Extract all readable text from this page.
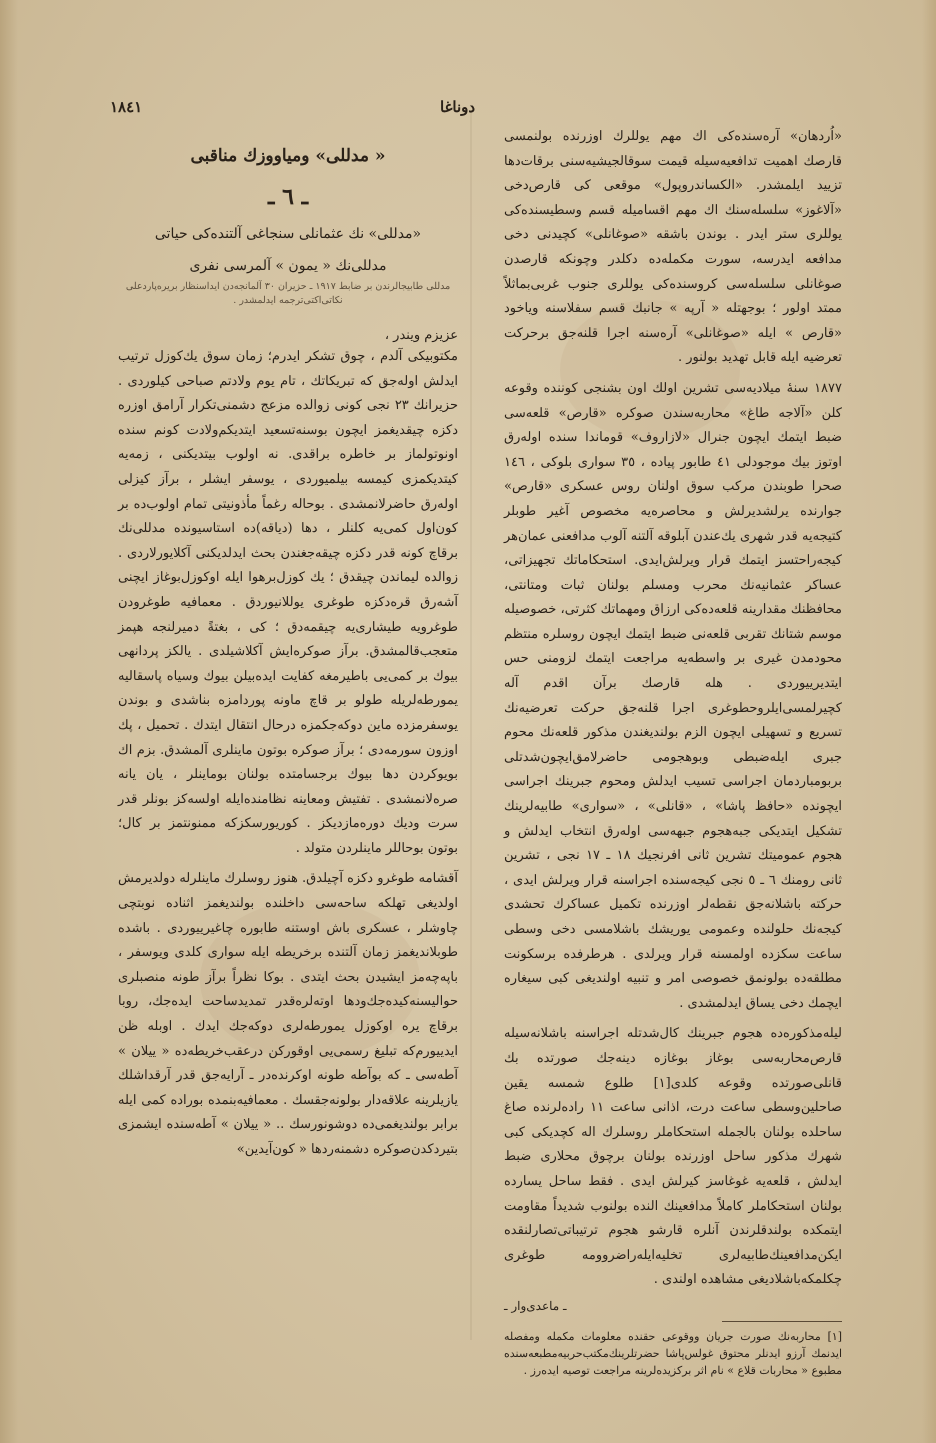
١٨٤١	دوناغا

«اُردهان» آرەسندەکی اك مهم يوللرك اوزرندە بولنمسی قارصك اهميت تدافعيەسيله قيمت سوقالجيشيەسنی برقات‌دها تزييد ايلمشدر. «الكساندروپول» موقعی کی قارص‌دخی «آلاغوز» سلسلەسنك اك مهم اقسامیله قسم وسطيسندەکی يوللری ستر ايدر . بوندن باشقە «صوغانلی» کچيدنی دخی مدافعه ايدرسه، سورت مكملەدە دكلدر وچونكه قارصدن صوغانلی سلسلەسی كروسندەکی يوللری جنوب غربی‌بماثلاً ممتد اولور ؛ بوجهتله « آرپه » جانبك قسم سفلاسنه وياخود «قارص » ايله «صوغانلی» آرەسنه اجرا قلنەجق برحركت تعرضيه ايله قابل تهديد بولنور .

١٨٧٧ سنهٔ ميلاديەسی تشرين اولك اون بشنجی كوننده وقوعه كلن «آلاجه طاغ» محاربەسندن صوكره «قارص» قلعەسی ضبط ايتمك ايچون جنرال «لازاروف» قوماندا سنده اولەرق اوتوز بيك موجودلی ٤١ طابور پياده ، ٣٥ سواری بلوكی ، ١٤٦ صحرا طوبندن مركب سوق اولنان روس عسكری «قارص» جوارنده يرلشديرلش و محاصرەيه مخصوص آغير طوبلر كتيجەيه قدر شهری يك‌عندن آبلوقه آلتنه آلوب مدافعنی عمان‌هر كيجه‌راحتسز ايتمك قرار ويرلش‌ايدی. استحكاماتك تجهيزاتی، عساكر عثمانيەنك محرب ومسلم بولنان ثبات ومتانتی، محافظنك مقدارينه قلعەدەكی ارزاق ومهماتك كثرتی، خصوصيله موسم شتانك تقربی قلعەنی ضبط ايتمك ايچون روسلره منتظم محودمدن غيری بر واسطەيه مراجعت ايتمك لزومنی حس ايتديرييوردی . هله قارصك برآن اقدم آله كچيرلمسی‌ايلرو‌حطوغری اجرا قلنه‌جق حركت تعرضيەنك تسريع و تسهيلی ايچون الزم بولنديغندن مذكور قلعەنك محوم جبری ايله‌ضبطی وبو‌هجومی حاضرلامق‌ايچون‌شدتلی بربومباردمان اجراسی تسيب ايدلش ومحوم جبرينك اجراسی ايچونده «حافظ پاشا» ، «قانلی» ، «سواری» طابيەلرينك تشكيل ايتديكی جبه‌هجوم جبهەسی اولەرق انتخاب ايدلش و هجوم عموميتك تشرين ثانی افرنجيك ١٨ ـ ١٧ نجی ، تشرين ثانی رومنك ٦ ـ ٥ نجی كيجەسنده اجراسنه قرار ويرلش ايدی ، حركته باشلانه‌جق نقطه‌لر اوزرنده تكميل عساكرك تحشدی كيجه‌نك حلولنده وعمومی يوريشك باشلامسی دخی وسطی ساعت سكزده اولمسنه قرار ويرلدی . هرطرفده برسكونت مطلقەده بولونمق خصوصی امر و تنبيه اولنديغی كبی سيغاره ايچمك دخی يساق ايدلمشدی .

ليله‌مذكورەده هجوم جبرينك كال‌شدتله اجراسنه باشلانەسيله قارص‌محاربەسی بوغاز بوغازه دينەجك صورتده بك قانلی‌صورتده وقوعه كلدی[١] طلوع شمسه يقين صاحلين‌وسطی ساعت درت، اذانی ساعت ١١ راده‌لرنده صاغ ساحلده بولنان بالجمله استحكاملر روسلرك اله كچديكی كبی شهرك مذكور ساحل اوزرنده بولنان برچوق محلاری ضبط ايدلش ، قلعه‌يه غوغاسز كيرلش ايدی . فقط ساحل يسارده بولنان استحكاملر كاملاً مدافعينك الندە بولنوب شديداً مقاومت ايتمكده بولندقلرندن آنلره قارشو هجوم ترتيباتی‌تصارلنقده ايكن‌مدافعينك‌طابيەلری تخليه‌ايله‌راضروومه طوغری چكلمكه‌باشلاديغی مشاهده اولندی .

ـ ماعدی‌وار ـ

[١] محاربەنك صورت جريان ووقوعی حقنده معلومات مكمله ومفصله ايدنمك آرزو ايدنلر محتوق غولس‌پاشا حضرتلرينك‌مكتب‌حربيەمطبعەسنده مطبوع « محاربات قلاع » نام اثر بركزيدەلرينه مراجعت توصيه ايدەرز .

« مدللی» ومياووزك مناقبی

ـ ٦ ـ

«مدللی» نك عثمانلی سنجاغی آلتندەكی حياتی

مدللی‌نك « يمون » آلمرسی‌ نفری

مدللی طابيجالرندن بر ضابط ١٩١٧ ـ حزيران ٣٠ آلمانجەدن ايداسنظار بريرە‌پاردعلی نكاتی‌اكتی‌ترجمە ايدلمشدر .

عزيزم ويندر ،

مكتوبيكی آلدم ، چوق تشكر ايدرم؛ زمان سوق يك‌كوزل ترتيب ايدلش اولەجق كه تبريكاتك ، تام يوم ولادتم صباحی كيلوردی . حزيرانك ٢٣ نجی كونی زوالده مزعج دشمنی‌تكرار آرامق اوزره دكزه چيقديغمز ايچون بوسنه‌تسعيد ايتديكم‌ولادت كونم سنده اونوتولماز بر خاطره براقدی. نه اولوب بيتديكنی ، زمەيه كيتديكمزی كيمسه بيلميوردی ، يوسفر ايشلر ، برآز كيزلی اولەرق حاضرلانمشدی . بوحاله رغماً مأذونيتی تمام اولوب‌ده بر كون‌اول كمی‌يه كلنلر ، دها (دياقه)ده استاسيونده مدللی‌نك برقاچ كونه قدر دكزه چيقەجغندن بحث ايدلديكنی آكلايورلاردی . زوالده ليماندن چيقدق ؛ يك كوزل‌برهوا ايله اوكوزل‌بوغاز ايچنی آشەرق قرەدكزه طوغری يوللانيوردق . معمافيه طوغرودن طوغرو‌يه طيشارى‌يه چيقمه‌دق ؛ كی ، بغتةً دميرلنجه هپمز متعجب‌قالمشدق. برآز صوكرەايش آكلاشيلدی . يالكز پردانهی بيوك بر كمی‌يی باطيرمغه كفايت ايدەبيلن بيوك وسياه پاسقاليه يمورطەلريله طولو بر قاچ ماونه پوردامزه بناشدی و بوندن يوسفرمزده ماين دوكەجكمزه درحال انتقال ايتدك . تحميل ، پك اوزون سورمەدی ؛ برآز صوكره بوتون ماينلری آلمشدق. بزم اك بويوكردن دها بيوك برجسامتده بولنان بوماينلر ، يان يانه صرەلانمشدی . تفتيش ومعاينه نظامنده‌ايله اولسه‌كز بونلر قدر سرت وديك دوره‌مازديكز . كوريورسكز‌كه ممنونتمز بر كال؛ بوتون بوحاللر ماينلردن متولد .

آقشامه طوغرو دكزه آچيلدق. هنوز روسلرك ماينلرله دولديرمش اولديغی تهلكه ساحەسی داخلنده بولنديغمز اثنادە نوبتچی چاوشلر ، عسكری باش اوستنه طابوره چاغيرييوردی . باشده طوبلانديغمز زمان آلتنده برخريطه ايله سواری كلدی ويوسفر ، باپەچەمز ايشيدن بحث ايتدی . بوكا نظراً برآز طونه منصبلری حواليسنه‌كيدەجك‌ودها اوتەلره‌قدر تمديدساحت ايدەجك، روبا برقاچ يره اوكوزل يمورطەلری دوكەجك ايدك . اوبله ظن ايدييورم‌كه تبليغ رسمی‌يی اوقوركن درعقب‌خريطەده « ييلان » آطەسی ـ كه بوآطه طونه اوكرنده‌در ـ آرايەجق قدر آرقداشلك يازيلرينه علاقەدار بولونەجقسك . معمافيه‌بنمده بوراده كمی ايله برابر بولنديغمی‌ده دوشونورسك .. « ييلان » آطەسنده ايشمزی بتيردكدن‌صوكره دشمنه‌ردها « كون‌آيدين»
